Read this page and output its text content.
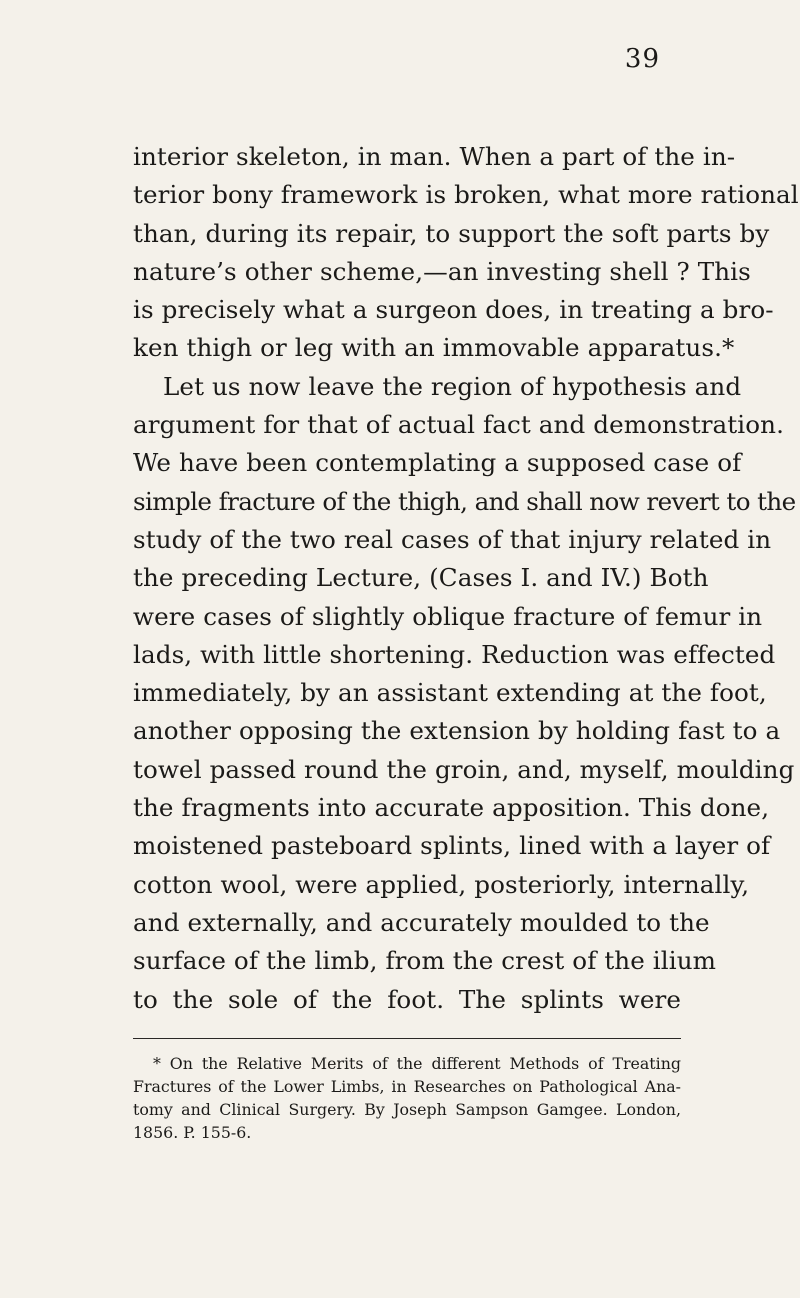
39
interior skeleton, in man. When a part of the in-
terior bony framework is broken, what more rational
than, during its repair, to support the soft parts by
nature’s other scheme,—an investing shell ? This
is precisely what a surgeon does, in treating a bro-
ken thigh or leg with an immovable apparatus.*
Let us now leave the region of hypothesis and
argument for that of actual fact and demonstration.
We have been contemplating a supposed case of
simple fracture of the thigh, and shall now revert to the
study of the two real cases of that injury related in
the preceding Lecture, (Cases I. and IV.) Both
were cases of slightly oblique fracture of femur in
lads, with little shortening. Reduction was effected
immediately, by an assistant extending at the foot,
another opposing the extension by holding fast to a
towel passed round the groin, and, myself, moulding
the fragments into accurate apposition. This done,
moistened pasteboard splints, lined with a layer of
cotton wool, were applied, posteriorly, internally,
and externally, and accurately moulded to the
surface of the limb, from the crest of the ilium
to the sole of the foot. The splints were
* On the Relative Merits of the different Methods of Treating
Fractures of the Lower Limbs, in Researches on Pathological Ana-
tomy and Clinical Surgery. By Joseph Sampson Gamgee. London,
1856. P. 155-6.
